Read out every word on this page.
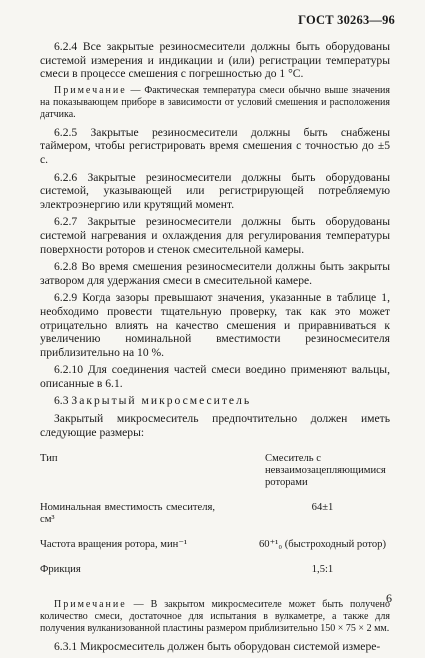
ГОСТ 30263—96

6.2.4 Все закрытые резиносмесители должны быть оборудованы системой измерения и индикации и (или) регистрации температуры смеси в процессе смешения с погрешностью до 1 °С.

Примечание — Фактическая температура смеси обычно выше значения на показывающем приборе в зависимости от условий смешения и расположения датчика.

6.2.5 Закрытые резиносмесители должны быть снабжены таймером, чтобы регистрировать время смешения с точностью до ±5 с.

6.2.6 Закрытые резиносмесители должны быть оборудованы системой, указывающей или регистрирующей потребляемую электроэнергию или крутящий момент.

6.2.7 Закрытые резиносмесители должны быть оборудованы системой нагревания и охлаждения для регулирования температуры поверхности роторов и стенок смесительной камеры.

6.2.8 Во время смешения резиносмесители должны быть закрыты затвором для удержания смеси в смесительной камере.

6.2.9 Когда зазоры превышают значения, указанные в таблице 1, необходимо провести тщательную проверку, так как это может отрицательно влиять на качество смешения и приравниваться к увеличению номинальной вместимости резиносмесителя приблизительно на 10 %.

6.2.10 Для соединения частей смеси воедино применяют вальцы, описанные в 6.1.

6.3 Закрытый микросмеситель

Закрытый микросмеситель предпочтительно должен иметь следующие размеры:

Тип	Смеситель с невзаимозацепляющимися роторами
Номинальная вместимость смесителя, см³	64±1
Частота вращения ротора, мин⁻¹	60⁺¹₀ (быстроходный ротор)
Фрикция	1,5:1

Примечание — В закрытом микросмесителе может быть получено количество смеси, достаточное для испытания в вулкаметре, а также для получения вулканизованной пластины размером приблизительно 150 × 75 × 2 мм.

6.3.1 Микросмеситель должен быть оборудован системой измере-

6
